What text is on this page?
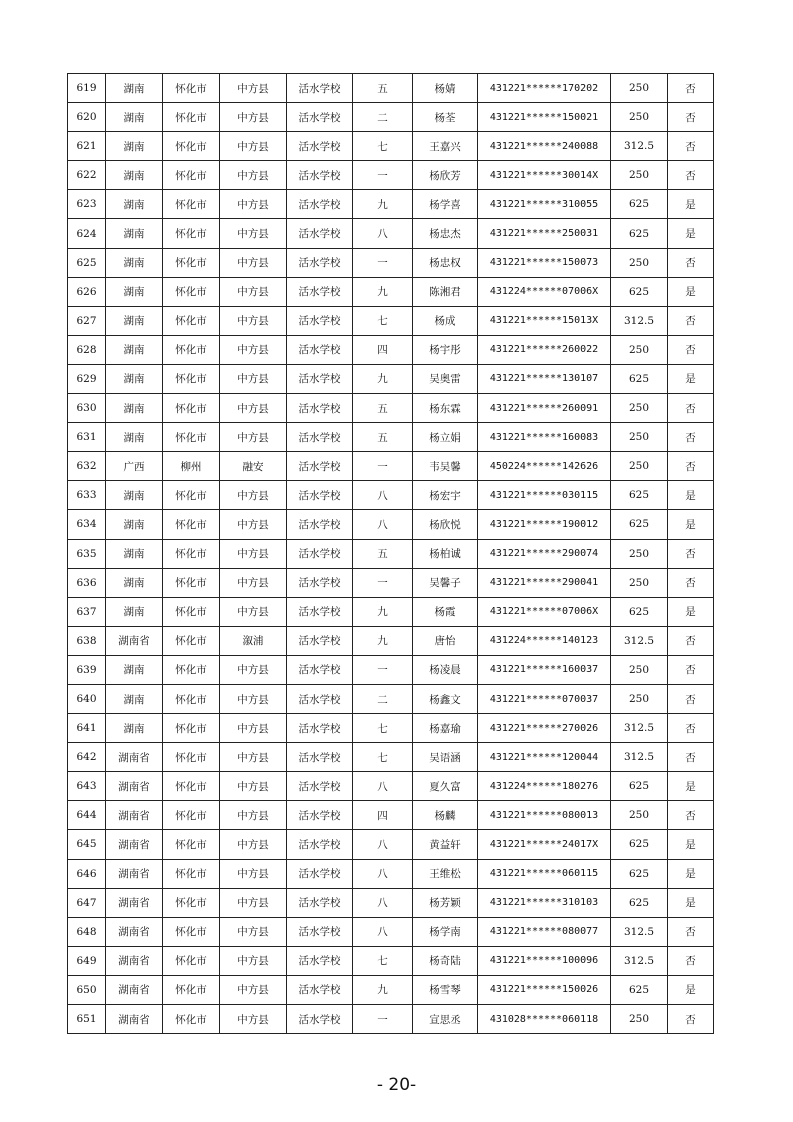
619	湖南	怀化市	中方县	活水学校	五	杨婧	431221******170202	250	否
620	湖南	怀化市	中方县	活水学校	二	杨荃	431221******150021	250	否
621	湖南	怀化市	中方县	活水学校	七	王嘉兴	431221******240088	312.5	否
622	湖南	怀化市	中方县	活水学校	一	杨欣芳	431221******30014X	250	否
623	湖南	怀化市	中方县	活水学校	九	杨学喜	431221******310055	625	是
624	湖南	怀化市	中方县	活水学校	八	杨忠杰	431221******250031	625	是
625	湖南	怀化市	中方县	活水学校	一	杨忠权	431221******150073	250	否
626	湖南	怀化市	中方县	活水学校	九	陈湘君	431224******07006X	625	是
627	湖南	怀化市	中方县	活水学校	七	杨成	431221******15013X	312.5	否
628	湖南	怀化市	中方县	活水学校	四	杨宇彤	431221******260022	250	否
629	湖南	怀化市	中方县	活水学校	九	吴奥雷	431221******130107	625	是
630	湖南	怀化市	中方县	活水学校	五	杨东霖	431221******260091	250	否
631	湖南	怀化市	中方县	活水学校	五	杨立娟	431221******160083	250	否
632	广西	柳州	融安	活水学校	一	韦吴馨	450224******142626	250	否
633	湖南	怀化市	中方县	活水学校	八	杨宏宇	431221******030115	625	是
634	湖南	怀化市	中方县	活水学校	八	杨欣悦	431221******190012	625	是
635	湖南	怀化市	中方县	活水学校	五	杨柏诚	431221******290074	250	否
636	湖南	怀化市	中方县	活水学校	一	吴馨子	431221******290041	250	否
637	湖南	怀化市	中方县	活水学校	九	杨霞	431221******07006X	625	是
638	湖南省	怀化市	溆浦	活水学校	九	唐怡	431224******140123	312.5	否
639	湖南	怀化市	中方县	活水学校	一	杨凌晨	431221******160037	250	否
640	湖南	怀化市	中方县	活水学校	二	杨鑫文	431221******070037	250	否
641	湖南	怀化市	中方县	活水学校	七	杨嘉瑜	431221******270026	312.5	否
642	湖南省	怀化市	中方县	活水学校	七	吴语涵	431221******120044	312.5	否
643	湖南省	怀化市	中方县	活水学校	八	夏久富	431224******180276	625	是
644	湖南省	怀化市	中方县	活水学校	四	杨麟	431221******080013	250	否
645	湖南省	怀化市	中方县	活水学校	八	黄益轩	431221******24017X	625	是
646	湖南省	怀化市	中方县	活水学校	八	王维松	431221******060115	625	是
647	湖南省	怀化市	中方县	活水学校	八	杨芳颖	431221******310103	625	是
648	湖南省	怀化市	中方县	活水学校	八	杨学南	431221******080077	312.5	否
649	湖南省	怀化市	中方县	活水学校	七	杨奇陆	431221******100096	312.5	否
650	湖南省	怀化市	中方县	活水学校	九	杨雪琴	431221******150026	625	是
651	湖南省	怀化市	中方县	活水学校	一	宣思丞	431028******060118	250	否
- 20-
